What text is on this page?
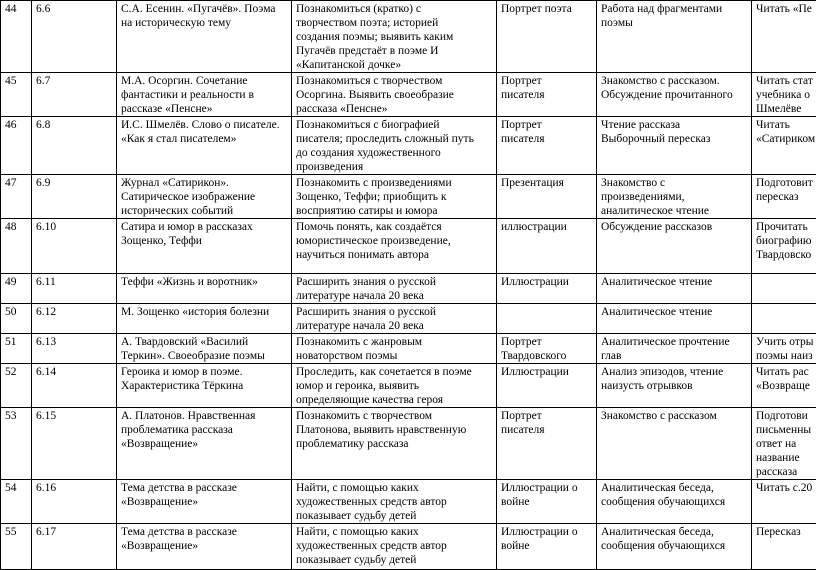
44	6.6	С.А. Есенин. «Пугачёв». Поэма
на историческую тему	Познакомиться (кратко) с
творчеством поэта; историей
создания поэмы; выявить каким
Пугачёв предстаёт в поэме И
«Капитанской дочке»	Портрет поэта	Работа над фрагментами
поэмы	Читать «Пе
45	6.7	М.А. Осоргин. Сочетание
фантастики и реальности в
рассказе «Пенсне»	Познакомиться с творчеством
Осоргина. Выявить своеобразие
рассказа «Пенсне»	Портрет
писателя	Знакомство с рассказом.
Обсуждение прочитанного	Читать стат
учебника о
Шмелёве
46	6.8	И.С. Шмелёв. Слово о писателе.
«Как я стал писателем»	Познакомиться с биографией
писателя; проследить сложный путь
до создания художественного
произведения	Портрет
писателя	Чтение рассказа
Выборочный пересказ	Читать
«Сатириком
47	6.9	Журнал «Сатирикон».
Сатирическое изображение
исторических событий	Познакомить с произведениями
Зощенко, Теффи; приобщить к
восприятию сатиры и юмора	Презентация	Знакомство с
произведениями,
аналитическое чтение	Подготовит
пересказ
48	6.10	Сатира и юмор в рассказах
Зощенко, Теффи	Помочь понять, как создаётся
юмористическое произведение,
научиться понимать автора	иллюстрации	Обсуждение рассказов	Прочитать
биографию
Твардовско
49	6.11	Теффи «Жизнь и воротник»	Расширить знания о русской
литературе начала 20 века	Иллюстрации	Аналитическое чтение	
50	6.12	М. Зощенко «история болезни	Расширить знания о русской
литературе начала 20 века		Аналитическое чтение	
51	6.13	А. Твардовский «Василий
Теркин». Своеобразие поэмы	Познакомить с жанровым
новаторством поэмы	Портрет
Твардовского	Аналитическое прочтение
глав	Учить отры
поэмы наиз
52	6.14	Героика и юмор в поэме.
Характеристика Тёркина	Проследить, как сочетается в поэме
юмор и героика, выявить
определяющие качества героя	Иллюстрации	Анализ эпизодов, чтение
наизусть отрывков	Читать рас
«Возвраще
53	6.15	А. Платонов. Нравственная
проблематика рассказа
«Возвращение»	Познакомить с творчеством
Платонова, выявить нравственную
проблематику рассказа	Портрет
писателя	Знакомство с рассказом	Подготови
письменны
ответ на
название
рассказа
54	6.16	Тема детства в рассказе
«Возвращение»	Найти, с помощью каких
художественных средств автор
показывает судьбу детей	Иллюстрации о
войне	Аналитическая беседа,
сообщения обучающихся	Читать с.20
55	6.17	Тема детства в рассказе
«Возвращение»	Найти, с помощью каких
художественных средств автор
показывает судьбу детей	Иллюстрации о
войне	Аналитическая беседа,
сообщения обучающихся	Пересказ
